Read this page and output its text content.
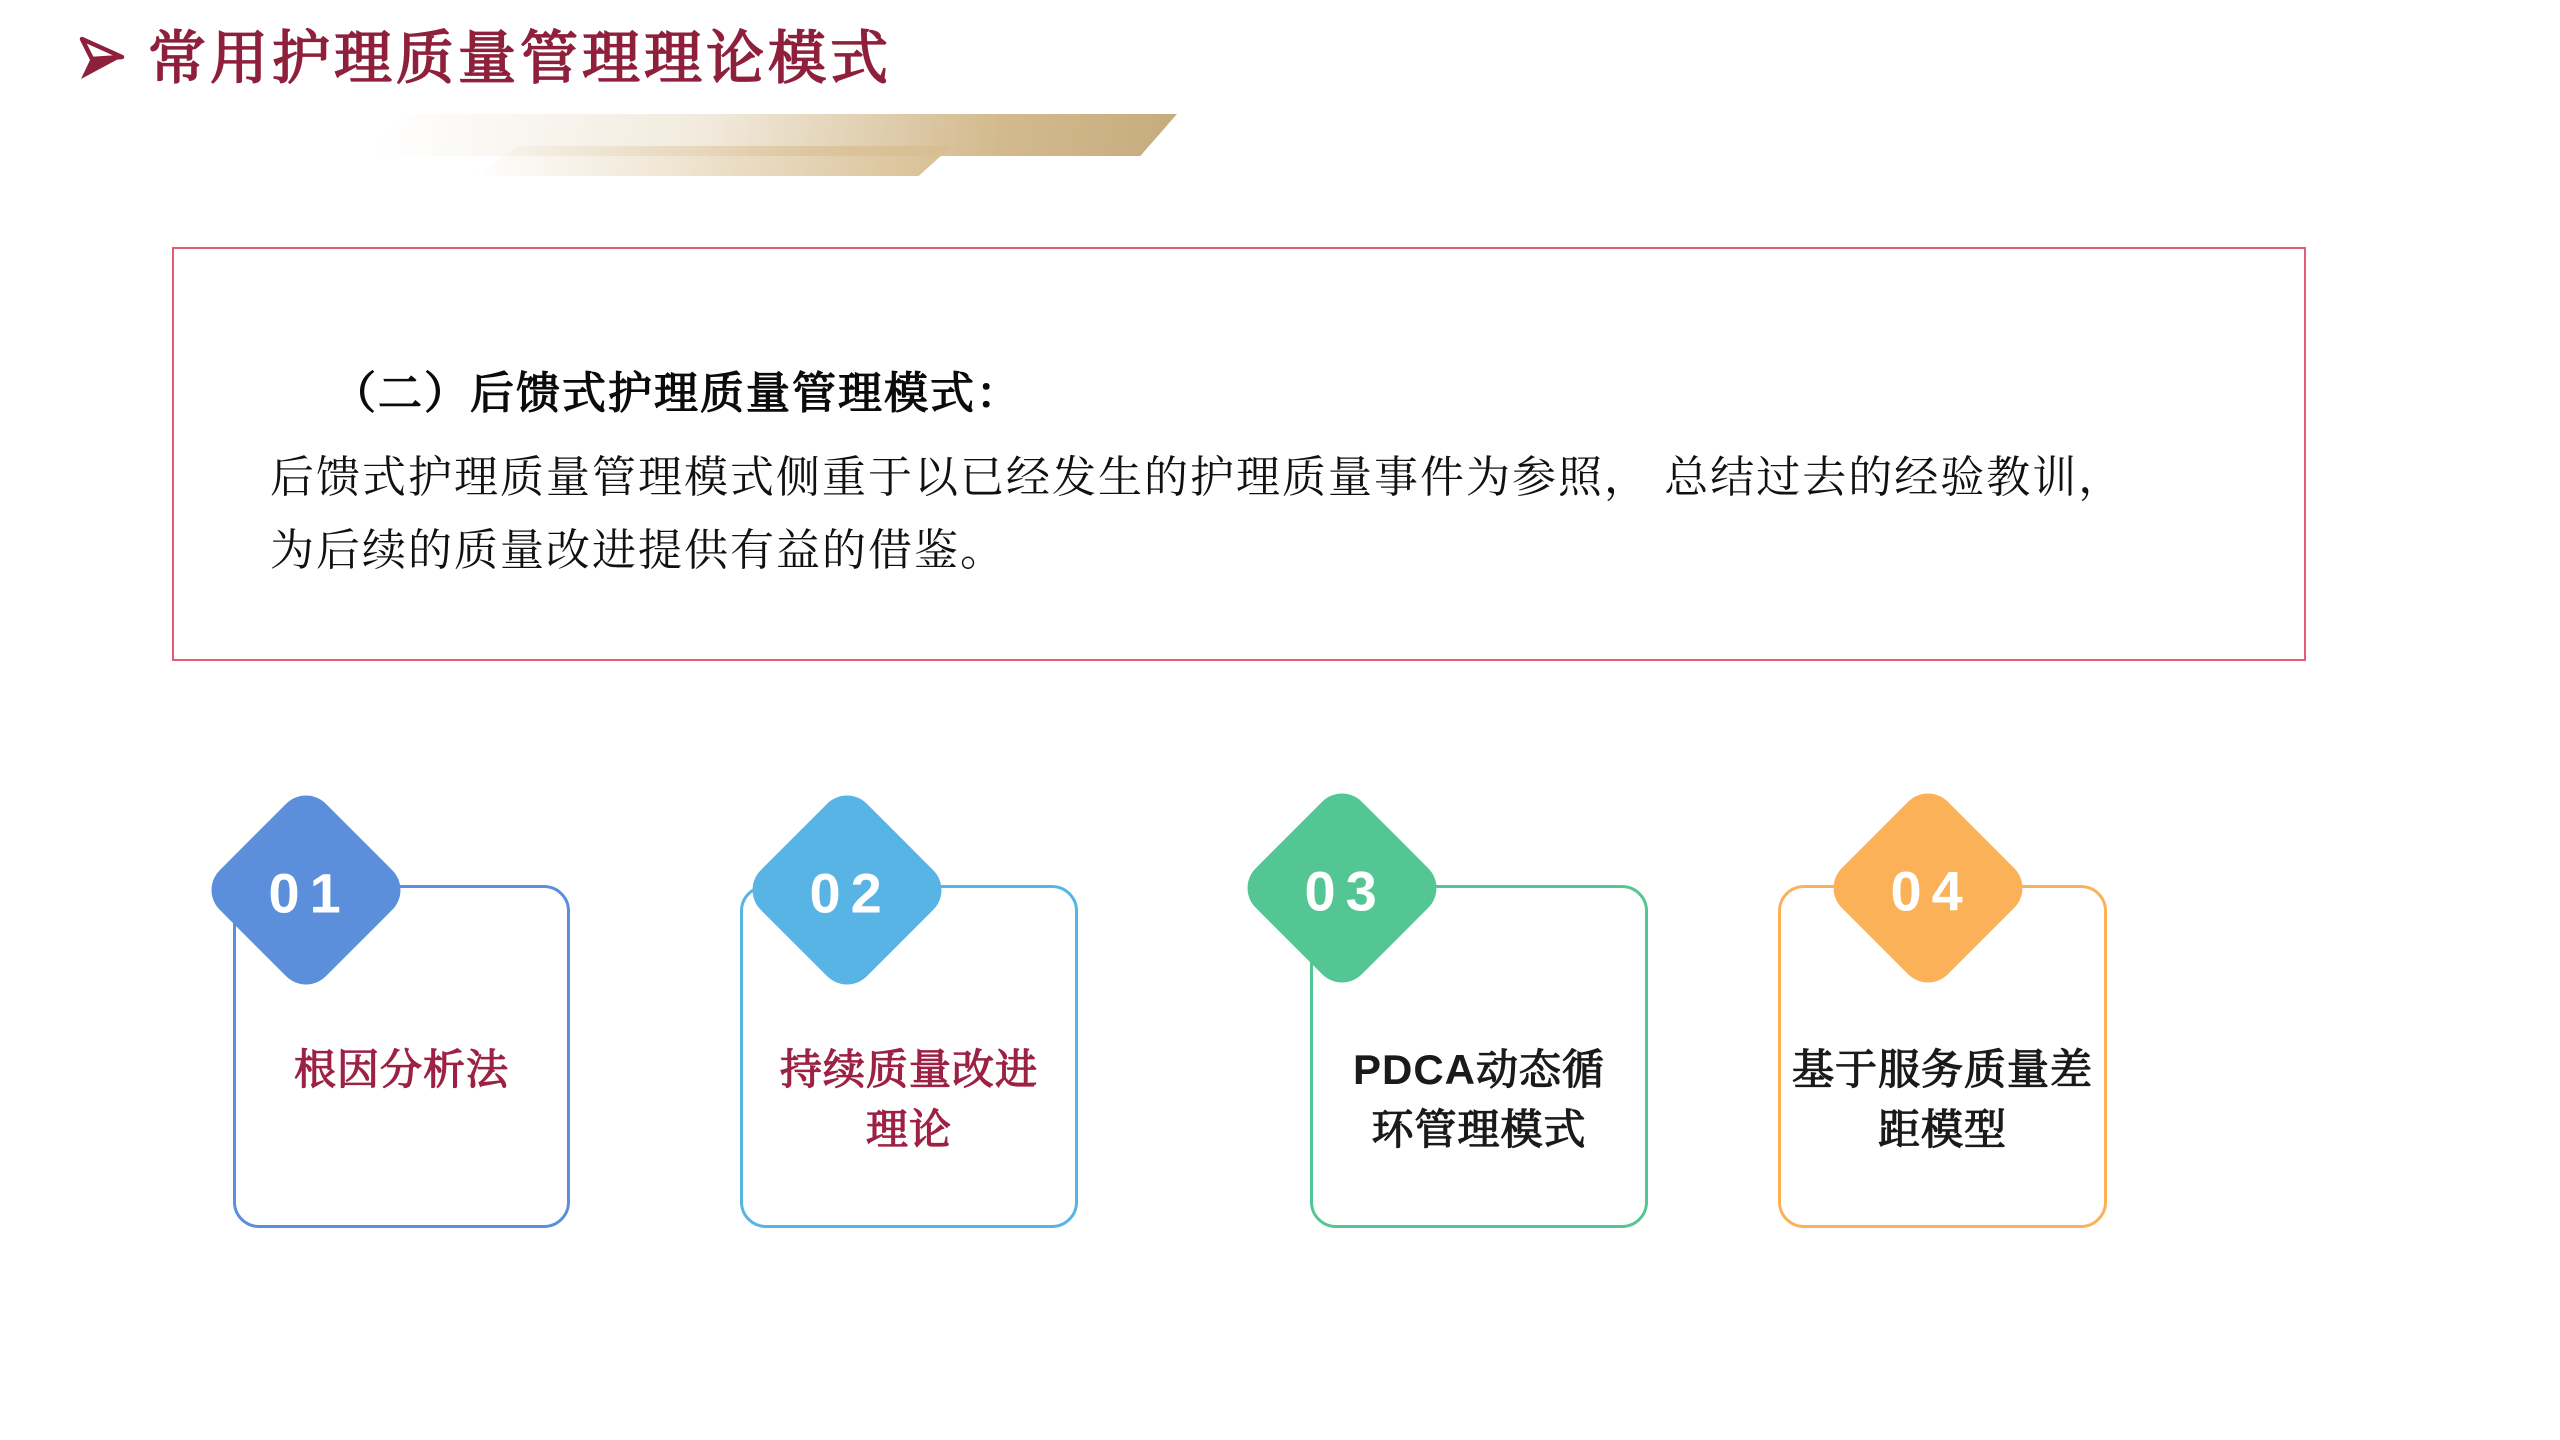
常用护理质量管理理论模式
（二）后馈式护理质量管理模式：
后馈式护理质量管理模式侧重于以已经发生的护理质量事件为参照， 总结过去的经验教训，
为后续的质量改进提供有益的借鉴。
01
根因分析法
02
持续质量改进
理论
03
PDCA动态循
环管理模式
04
基于服务质量差
距模型
